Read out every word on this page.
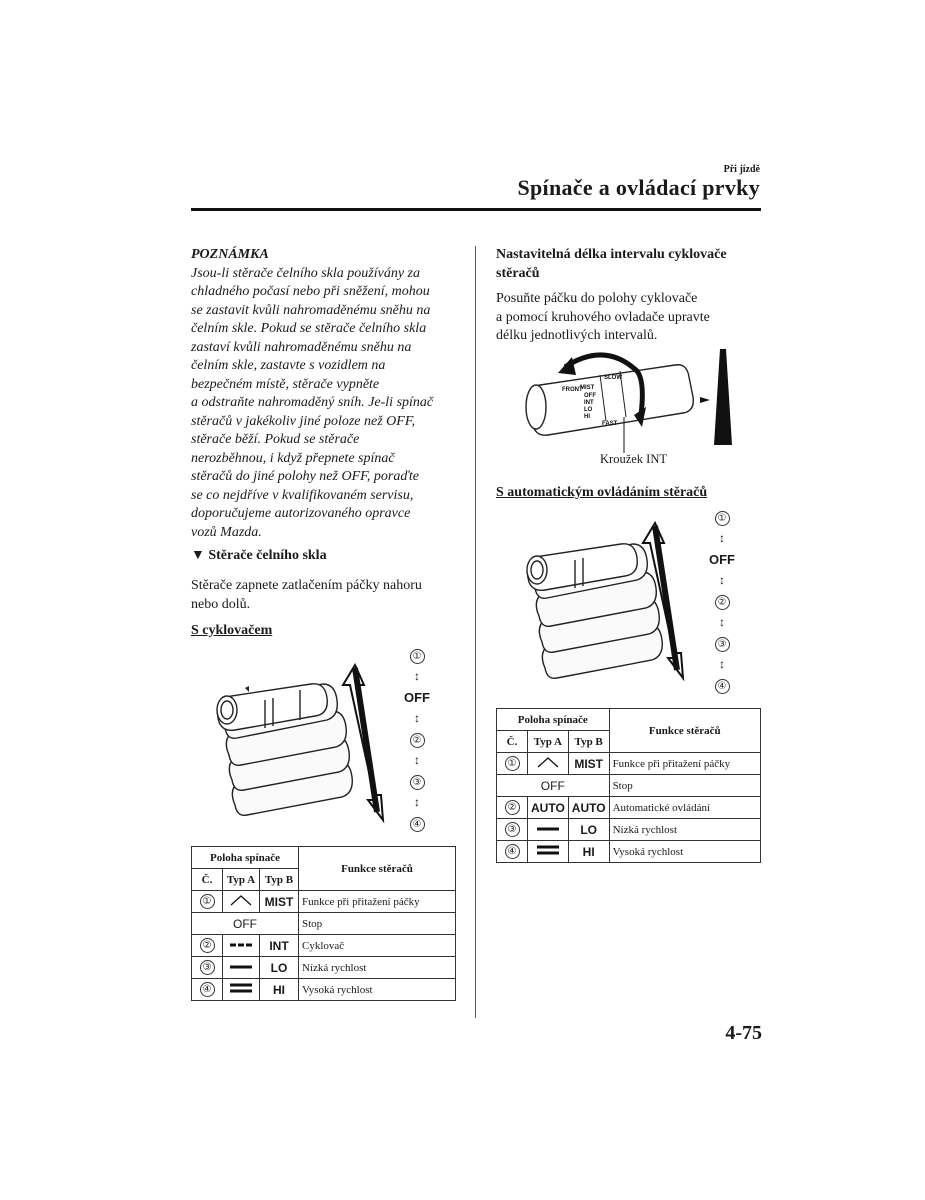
Při jízdě
Spínače a ovládací prvky
POZNÁMKA
Jsou-li stěrače čelního skla používány za
chladného počasí nebo při sněžení, mohou
se zastavit kvůli nahromaděnému sněhu na
čelním skle. Pokud se stěrače čelního skla
zastaví kvůli nahromaděnému sněhu na
čelním skle, zastavte s vozidlem na
bezpečném místě, stěrače vypněte
a odstraňte nahromaděný sníh. Je-li spínač
stěračů v jakékoliv jiné poloze než OFF,
stěrače běží. Pokud se stěrače
nerozběhnou, i když přepnete spínač
stěračů do jiné polohy než OFF, poraďte
se co nejdříve v kvalifikovaném servisu,
doporučujeme autorizovaného opravce
vozů Mazda.
▼ Stěrače čelního skla
Stěrače zapnete zatlačením páčky nahoru
nebo dolů.
S cyklovačem
①
↕
OFF
↕
②
↕
③
↕
④
Poloha spínače			Funkce stěračů
Č.	Typ A	Typ B	
①		MIST	Funkce při přitažení páčky
OFF			Stop
②		INT	Cyklovač
③		LO	Nízká rychlost
④		HI	Vysoká rychlost
Nastavitelná délka intervalu cyklovače stěračů
Posuňte páčku do polohy cyklovače
a pomocí kruhového ovladače upravte
délku jednotlivých intervalů.
FRONT
MIST
OFF
INT
LO
HI
FAST
SLOW
Kroužek INT
S automatickým ovládáním stěračů
①
↕
OFF
↕
②
↕
③
↕
④
Poloha spínače			Funkce stěračů
Č.	Typ A	Typ B	
①		MIST	Funkce při přitažení páčky
OFF			Stop
②	AUTO	AUTO	Automatické ovládání
③		LO	Nízká rychlost
④		HI	Vysoká rychlost
4-75
